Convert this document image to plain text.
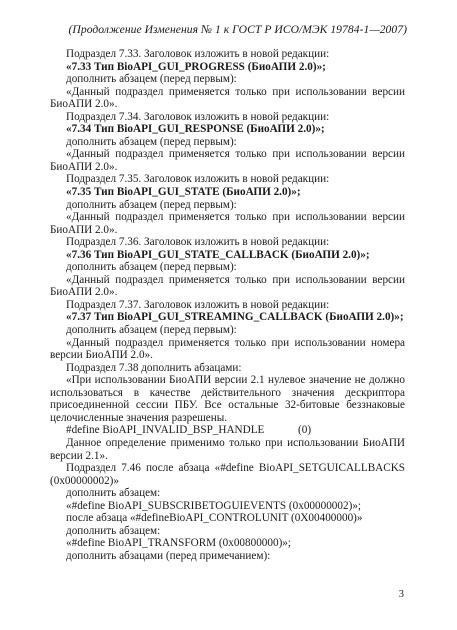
(Продолжение Изменения № 1 к ГОСТ Р ИСО/МЭК 19784-1—2007)

Подраздел 7.33. Заголовок изложить в новой редакции:

«7.33 Тип BioAPI_GUI_PROGRESS (БиоАПИ 2.0)»;

дополнить абзацем (перед первым):

«Данный подраздел применяется только при использовании версии БиоАПИ 2.0».

Подраздел 7.34. Заголовок изложить в новой редакции:

«7.34 Тип BioAPI_GUI_RESPONSE (БиоАПИ 2.0)»;

дополнить абзацем (перед первым):

«Данный подраздел применяется только при использовании версии БиоАПИ 2.0».

Подраздел 7.35. Заголовок изложить в новой редакции:

«7.35 Тип BioAPI_GUI_STATE (БиоАПИ 2.0)»;

дополнить абзацем (перед первым):

«Данный подраздел применяется только при использовании версии БиоАПИ 2.0».

Подраздел 7.36. Заголовок изложить в новой редакции:

«7.36 Тип BioAPI_GUI_STATE_CALLBACK (БиоАПИ 2.0)»;

дополнить абзацем (перед первым):

«Данный подраздел применяется только при использовании версии БиоАПИ 2.0».

Подраздел 7.37. Заголовок изложить в новой редакции:

«7.37 Тип BioAPI_GUI_STREAMING_CALLBACK (БиоАПИ 2.0)»;

дополнить абзацем (перед первым):

«Данный подраздел применяется только при использовании номера версии БиоАПИ 2.0».

Подраздел 7.38 дополнить абзацами:

«При использовании БиоАПИ версии 2.1 нулевое значение не должно использоваться в качестве действительного значения дескриптора присоединенной сессии ПБУ. Все остальные 32-битовые беззнаковые целочисленные значения разрешены.

#define BioAPI_INVALID_BSP_HANDLE	(0)

Данное определение применимо только при использовании БиоАПИ версии 2.1».

Подраздел 7.46 после абзаца «#define BioAPI_SETGUICALLBACKS (0x00000002)»

дополнить абзацем:

«#define BioAPI_SUBSCRIBETOGUIEVENTS (0x00000002)»;

после абзаца «#defineBioAPI_CONTROLUNIT (0X00400000)»

дополнить абзацем:

«#define BioAPI_TRANSFORM (0x00800000)»;

дополнить абзацами (перед примечанием):

3
